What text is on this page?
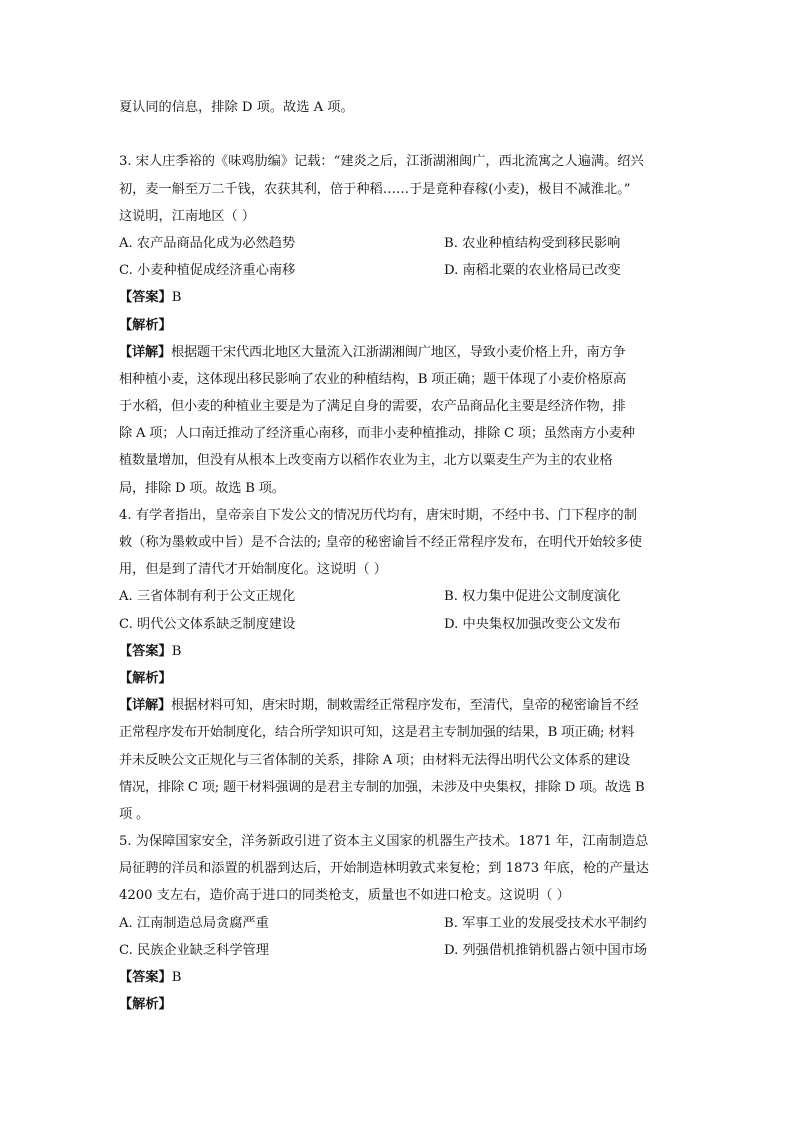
夏认同的信息，排除 D 项。故选 A 项。
3. 宋人庄季裕的《味鸡肋编》记载：“建炎之后，江浙湖湘闽广，西北流寓之人遍满。绍兴
初，麦一斛至万二千钱，农获其利，倍于种稻……于是竟种春稼(小麦)，极目不减淮北。”
这说明，江南地区（ ）
A. 农产品商品化成为必然趋势	B. 农业种植结构受到移民影响
C. 小麦种植促成经济重心南移	D. 南稻北粟的农业格局已改变
【答案】B
【解析】
【详解】根据题干宋代西北地区大量流入江浙湖湘闽广地区，导致小麦价格上升，南方争
相种植小麦，这体现出移民影响了农业的种植结构，B 项正确；题干体现了小麦价格原高
于水稻，但小麦的种植业主要是为了满足自身的需要，农产品商品化主要是经济作物，排
除 A 项；人口南迁推动了经济重心南移，而非小麦种植推动，排除 C 项；虽然南方小麦种
植数量增加，但没有从根本上改变南方以稻作农业为主，北方以粟麦生产为主的农业格
局，排除 D 项。故选 B 项。
4. 有学者指出，皇帝亲自下发公文的情况历代均有，唐宋时期，不经中书、门下程序的制
敕（称为墨敕或中旨）是不合法的; 皇帝的秘密谕旨不经正常程序发布，在明代开始较多使
用，但是到了清代才开始制度化。这说明（ ）
A. 三省体制有利于公文正规化	B. 权力集中促进公文制度演化
C. 明代公文体系缺乏制度建设	D. 中央集权加强改变公文发布
【答案】B
【解析】
【详解】根据材料可知，唐宋时期，制敕需经正常程序发布，至清代，皇帝的秘密谕旨不经
正常程序发布开始制度化，结合所学知识可知，这是君主专制加强的结果，B 项正确; 材料
并未反映公文正规化与三省体制的关系，排除 A 项；由材料无法得出明代公文体系的建设
情况，排除 C 项; 题干材料强调的是君主专制的加强，未涉及中央集权，排除 D 项。故选 B
项 。
5. 为保障国家安全，洋务新政引进了资本主义国家的机器生产技术。1871 年，江南制造总
局征聘的洋员和添置的机器到达后，开始制造林明敦式来复枪；到 1873 年底，枪的产量达
4200 支左右，造价高于进口的同类枪支，质量也不如进口枪支。这说明（ ）
A. 江南制造总局贪腐严重	B. 军事工业的发展受技术水平制约
C. 民族企业缺乏科学管理	D. 列强借机推销机器占领中国市场
【答案】B
【解析】
